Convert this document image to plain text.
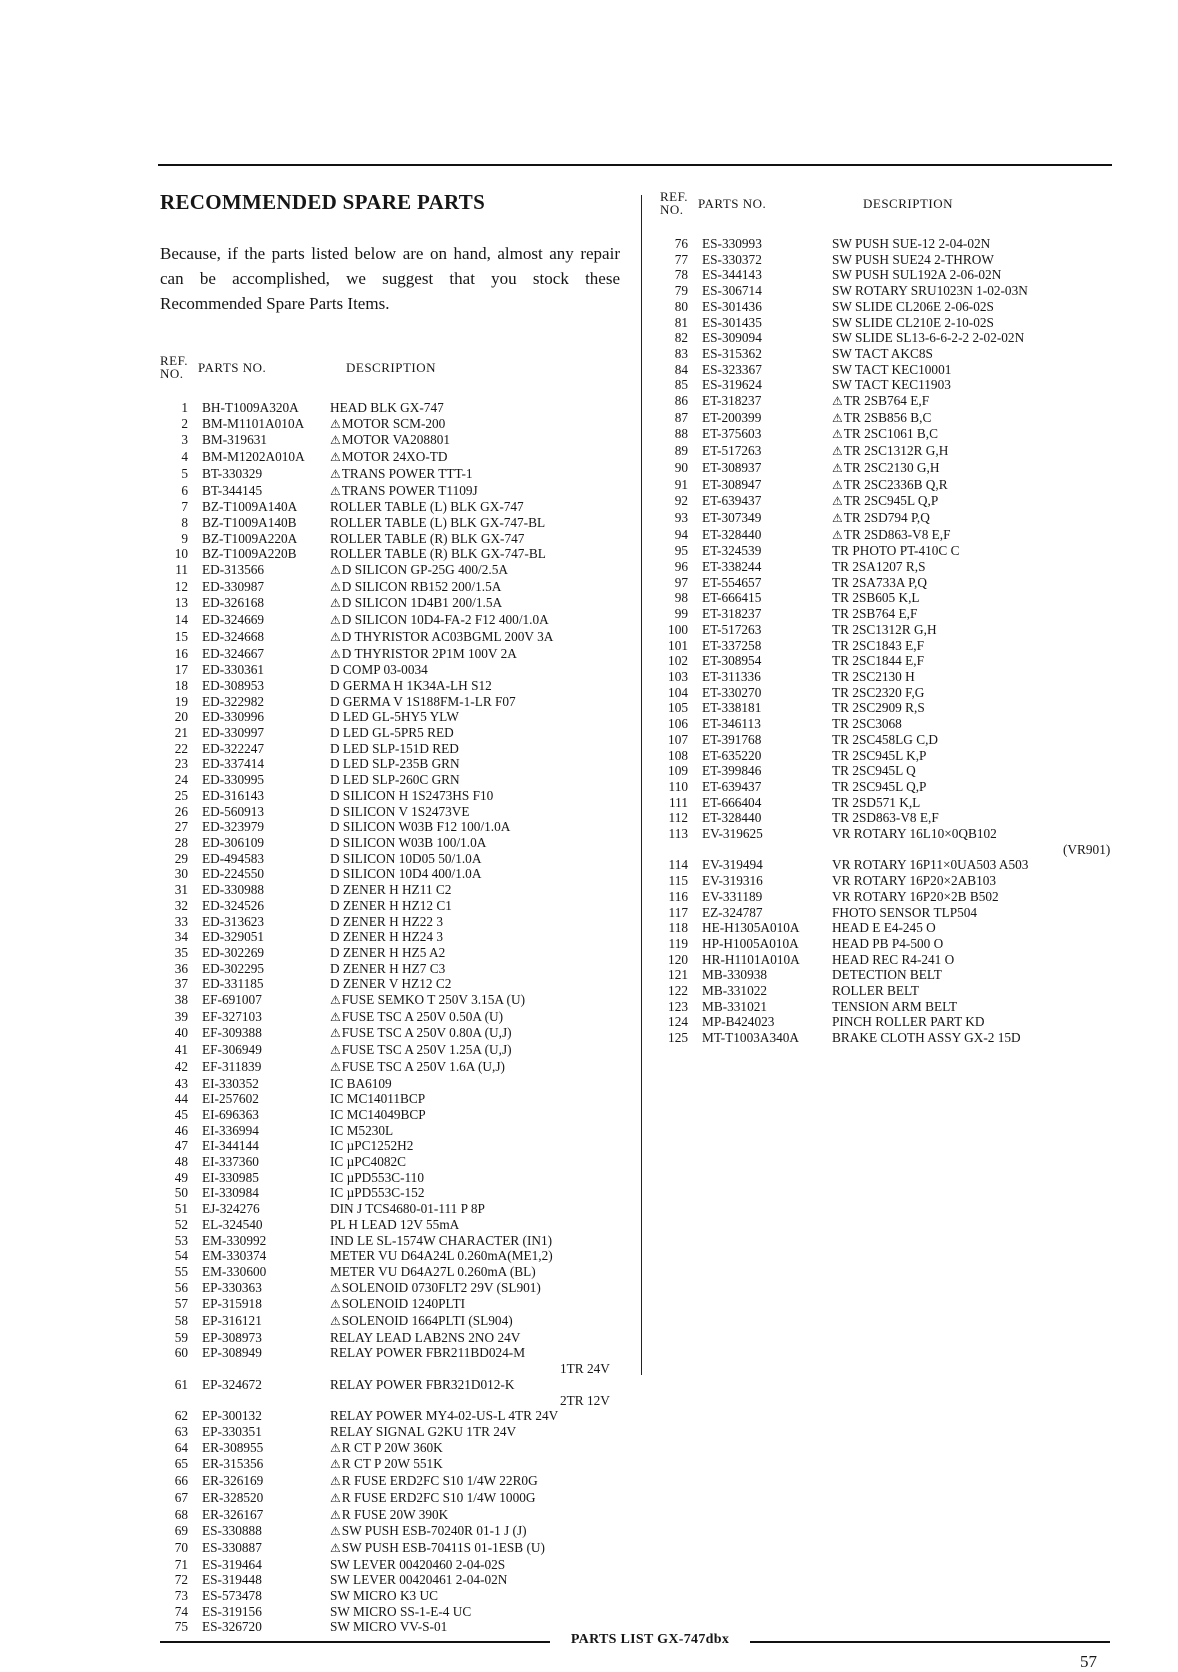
RECOMMENDED SPARE PARTS
Because, if the parts listed below are on hand, almost any repair can be accomplished, we suggest that you stock these Recommended Spare Parts Items.
REF. NO.	PARTS NO.	DESCRIPTION
1	BH-T1009A320A	HEAD BLK GX-747
2	BM-M1101A010A	⚠MOTOR SCM-200
3	BM-319631	⚠MOTOR VA208801
4	BM-M1202A010A	⚠MOTOR 24XO-TD
5	BT-330329	⚠TRANS POWER TTT-1
6	BT-344145	⚠TRANS POWER T1109J
7	BZ-T1009A140A	ROLLER TABLE (L) BLK GX-747
8	BZ-T1009A140B	ROLLER TABLE (L) BLK GX-747-BL
9	BZ-T1009A220A	ROLLER TABLE (R) BLK GX-747
10	BZ-T1009A220B	ROLLER TABLE (R) BLK GX-747-BL
11	ED-313566	⚠D SILICON GP-25G 400/2.5A
12	ED-330987	⚠D SILICON RB152 200/1.5A
13	ED-326168	⚠D SILICON 1D4B1 200/1.5A
14	ED-324669	⚠D SILICON 10D4-FA-2 F12 400/1.0A
15	ED-324668	⚠D THYRISTOR AC03BGML 200V 3A
16	ED-324667	⚠D THYRISTOR 2P1M 100V 2A
17	ED-330361	D COMP 03-0034
18	ED-308953	D GERMA H 1K34A-LH S12
19	ED-322982	D GERMA V 1S188FM-1-LR F07
20	ED-330996	D LED GL-5HY5 YLW
21	ED-330997	D LED GL-5PR5 RED
22	ED-322247	D LED SLP-151D RED
23	ED-337414	D LED SLP-235B GRN
24	ED-330995	D LED SLP-260C GRN
25	ED-316143	D SILICON H 1S2473HS F10
26	ED-560913	D SILICON V 1S2473VE
27	ED-323979	D SILICON W03B F12 100/1.0A
28	ED-306109	D SILICON W03B 100/1.0A
29	ED-494583	D SILICON 10D05 50/1.0A
30	ED-224550	D SILICON 10D4 400/1.0A
31	ED-330988	D ZENER H HZ11 C2
32	ED-324526	D ZENER H HZ12 C1
33	ED-313623	D ZENER H HZ22 3
34	ED-329051	D ZENER H HZ24 3
35	ED-302269	D ZENER H HZ5 A2
36	ED-302295	D ZENER H HZ7 C3
37	ED-331185	D ZENER V HZ12 C2
38	EF-691007	⚠FUSE SEMKO T 250V 3.15A (U)
39	EF-327103	⚠FUSE TSC A 250V 0.50A (U)
40	EF-309388	⚠FUSE TSC A 250V 0.80A (U,J)
41	EF-306949	⚠FUSE TSC A 250V 1.25A (U,J)
42	EF-311839	⚠FUSE TSC A 250V 1.6A (U,J)
43	EI-330352	IC BA6109
44	EI-257602	IC MC14011BCP
45	EI-696363	IC MC14049BCP
46	EI-336994	IC M5230L
47	EI-344144	IC µPC1252H2
48	EI-337360	IC µPC4082C
49	EI-330985	IC µPD553C-110
50	EI-330984	IC µPD553C-152
51	EJ-324276	DIN J TCS4680-01-111 P 8P
52	EL-324540	PL H LEAD 12V 55mA
53	EM-330992	IND LE SL-1574W CHARACTER (IN1)
54	EM-330374	METER VU D64A24L 0.260mA(ME1,2)
55	EM-330600	METER VU D64A27L 0.260mA (BL)
56	EP-330363	⚠SOLENOID 0730FLT2 29V (SL901)
57	EP-315918	⚠SOLENOID 1240PLTI
58	EP-316121	⚠SOLENOID 1664PLTI (SL904)
59	EP-308973	RELAY LEAD LAB2NS 2NO 24V
60	EP-308949	RELAY POWER FBR211BD024-M
1TR 24V
61	EP-324672	RELAY POWER FBR321D012-K
2TR 12V
62	EP-300132	RELAY POWER MY4-02-US-L 4TR 24V
63	EP-330351	RELAY SIGNAL G2KU 1TR 24V
64	ER-308955	⚠R CT P 20W 360K
65	ER-315356	⚠R CT P 20W 551K
66	ER-326169	⚠R FUSE ERD2FC S10 1/4W 22R0G
67	ER-328520	⚠R FUSE ERD2FC S10 1/4W 1000G
68	ER-326167	⚠R FUSE 20W 390K
69	ES-330888	⚠SW PUSH ESB-70240R 01-1 J (J)
70	ES-330887	⚠SW PUSH ESB-70411S 01-1ESB (U)
71	ES-319464	SW LEVER 00420460 2-04-02S
72	ES-319448	SW LEVER 00420461 2-04-02N
73	ES-573478	SW MICRO K3 UC
74	ES-319156	SW MICRO SS-1-E-4 UC
75	ES-326720	SW MICRO VV-S-01
REF. NO.	PARTS NO.	DESCRIPTION
76	ES-330993	SW PUSH SUE-12 2-04-02N
77	ES-330372	SW PUSH SUE24 2-THROW
78	ES-344143	SW PUSH SUL192A 2-06-02N
79	ES-306714	SW ROTARY SRU1023N 1-02-03N
80	ES-301436	SW SLIDE CL206E 2-06-02S
81	ES-301435	SW SLIDE CL210E 2-10-02S
82	ES-309094	SW SLIDE SL13-6-6-2-2 2-02-02N
83	ES-315362	SW TACT AKC8S
84	ES-323367	SW TACT KEC10001
85	ES-319624	SW TACT KEC11903
86	ET-318237	⚠TR 2SB764 E,F
87	ET-200399	⚠TR 2SB856 B,C
88	ET-375603	⚠TR 2SC1061 B,C
89	ET-517263	⚠TR 2SC1312R G,H
90	ET-308937	⚠TR 2SC2130 G,H
91	ET-308947	⚠TR 2SC2336B Q,R
92	ET-639437	⚠TR 2SC945L Q,P
93	ET-307349	⚠TR 2SD794 P,Q
94	ET-328440	⚠TR 2SD863-V8 E,F
95	ET-324539	TR PHOTO PT-410C C
96	ET-338244	TR 2SA1207 R,S
97	ET-554657	TR 2SA733A P,Q
98	ET-666415	TR 2SB605 K,L
99	ET-318237	TR 2SB764 E,F
100	ET-517263	TR 2SC1312R G,H
101	ET-337258	TR 2SC1843 E,F
102	ET-308954	TR 2SC1844 E,F
103	ET-311336	TR 2SC2130 H
104	ET-330270	TR 2SC2320 F,G
105	ET-338181	TR 2SC2909 R,S
106	ET-346113	TR 2SC3068
107	ET-391768	TR 2SC458LG C,D
108	ET-635220	TR 2SC945L K,P
109	ET-399846	TR 2SC945L Q
110	ET-639437	TR 2SC945L Q,P
111	ET-666404	TR 2SD571 K,L
112	ET-328440	TR 2SD863-V8 E,F
113	EV-319625	VR ROTARY 16L10×0QB102
(VR901)
114	EV-319494	VR ROTARY 16P11×0UA503 A503
115	EV-319316	VR ROTARY 16P20×2AB103
116	EV-331189	VR ROTARY 16P20×2B B502
117	EZ-324787	FHOTO SENSOR TLP504
118	HE-H1305A010A	HEAD E E4-245 O
119	HP-H1005A010A	HEAD PB P4-500 O
120	HR-H1101A010A	HEAD REC R4-241 O
121	MB-330938	DETECTION BELT
122	MB-331022	ROLLER BELT
123	MB-331021	TENSION ARM BELT
124	MP-B424023	PINCH ROLLER PART KD
125	MT-T1003A340A	BRAKE CLOTH ASSY GX-2 15D
PARTS LIST GX-747dbx
57
